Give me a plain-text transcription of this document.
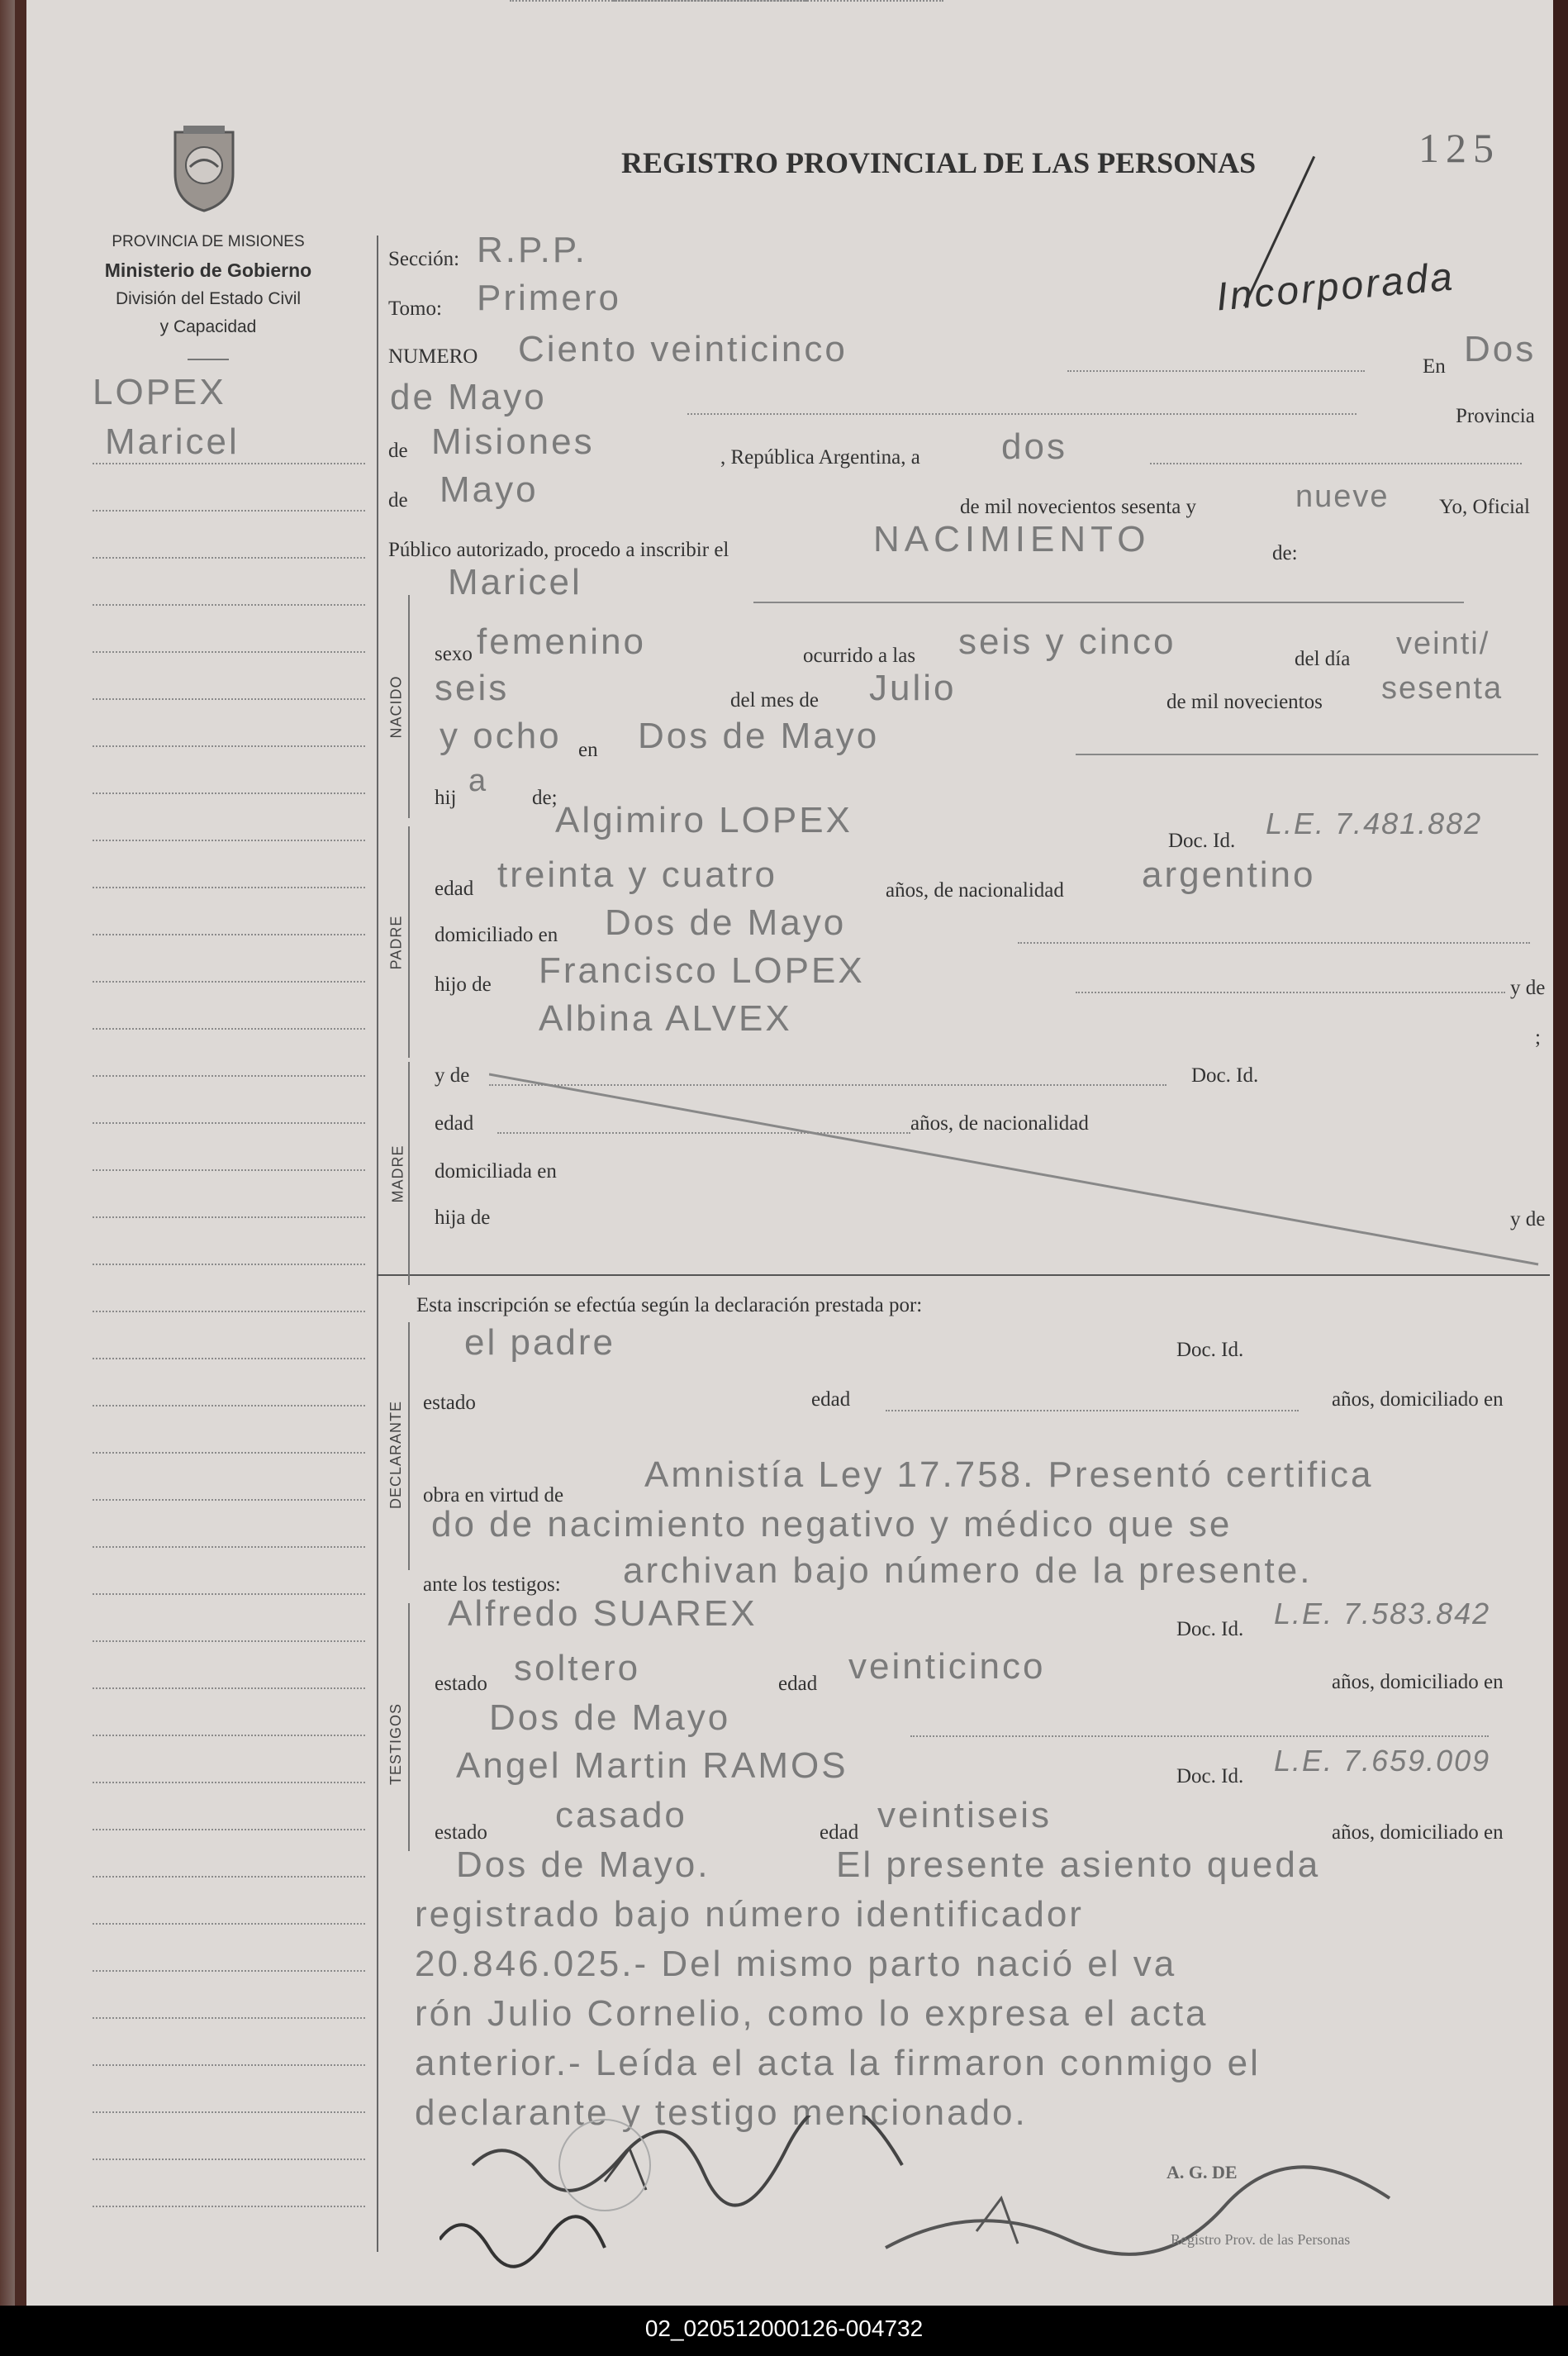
REGISTRO PROVINCIAL DE LAS PERSONAS	125
Incorporada
PROVINCIA DE MISIONES
Ministerio de Gobierno
División del Estado Civil
y Capacidad
LOPEX
Maricel
NACIDO
PADRE
MADRE
DECLARANTE
TESTIGOS
Sección: R.P.P.
Tomo: Primero
NUMERO Ciento veinticinco	En Dos
de Mayo	Provincia
de Misiones	, República Argentina, a dos
de Mayo	de mil novecientos sesenta y	nueve Yo, Oficial
Público autorizado, procedo a inscribir el	NACIMIENTO	de:
Maricel
sexo femenino	ocurrido a las seis y cinco	del día veinti/
seis	del mes de Julio	de mil novecientos sesenta
y ocho en Dos de Mayo
hij a de;
Algimiro LOPEX
Doc. Id.
L.E. 7.481.882
edad treinta y cuatro	años, de nacionalidad argentino
domiciliado en Dos de Mayo
hijo de Francisco LOPEX	y de
Albina ALVEX	;
y de	Doc. Id.
edad	años, de nacionalidad
domiciliada en
hija de	y de
Esta inscripción se efectúa según la declaración prestada por:
el padre	Doc. Id.
estado	edad	años, domiciliado en
obra en virtud de
Amnistía Ley 17.758. Presentó certifica
do de nacimiento negativo y médico que se
ante los testigos: archivan bajo número de la presente.
Alfredo SUAREX	Doc. Id. L.E. 7.583.842
estado soltero	edad veinticinco	años, domiciliado en
Dos de Mayo
Angel Martin RAMOS	Doc. Id. L.E. 7.659.009
estado casado	edad veintiseis	años, domiciliado en
Dos de Mayo.	El presente asiento queda
registrado bajo número identificador
20.846.025.- Del mismo parto nació el va
rón Julio Cornelio, como lo expresa el acta
anterior.- Leída el acta la firmaron conmigo el
declarante y testigo mencionado.
A. G. DE
Registro Prov. de las Personas
02_020512000126-004732
